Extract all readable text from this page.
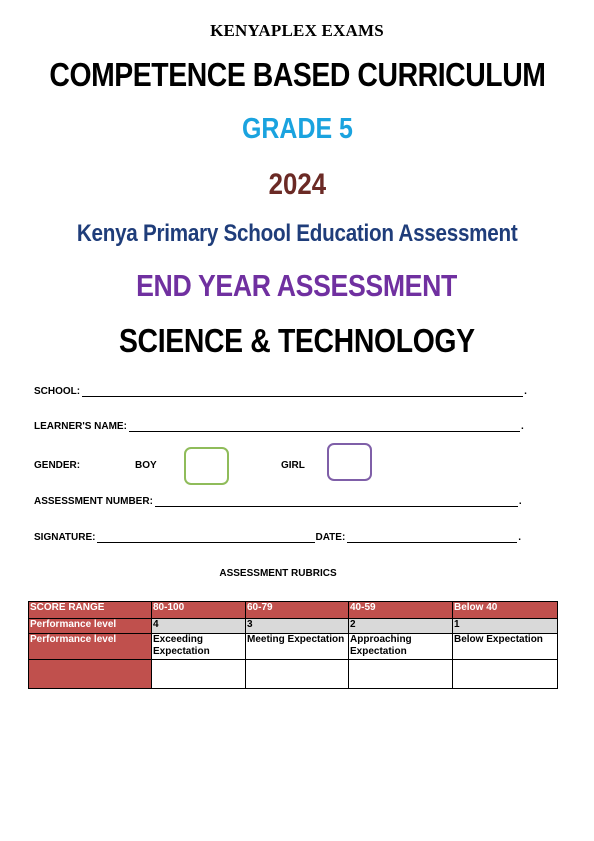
KENYAPLEX EXAMS
COMPETENCE BASED CURRICULUM
GRADE 5
2024
Kenya Primary School Education Assessment
END YEAR ASSESSMENT
SCIENCE & TECHNOLOGY
SCHOOL:	.
LEARNER'S NAME:	.
GENDER:	BOY	GIRL
ASSESSMENT NUMBER:	.
SIGNATURE:	DATE:	.
ASSESSMENT RUBRICS
SCORE RANGE	80-100	60-79	40-59	Below 40
Performance level	4	3	2	1
Performance level	Exceeding Expectation	Meeting Expectation	Approaching Expectation	Below Expectation
